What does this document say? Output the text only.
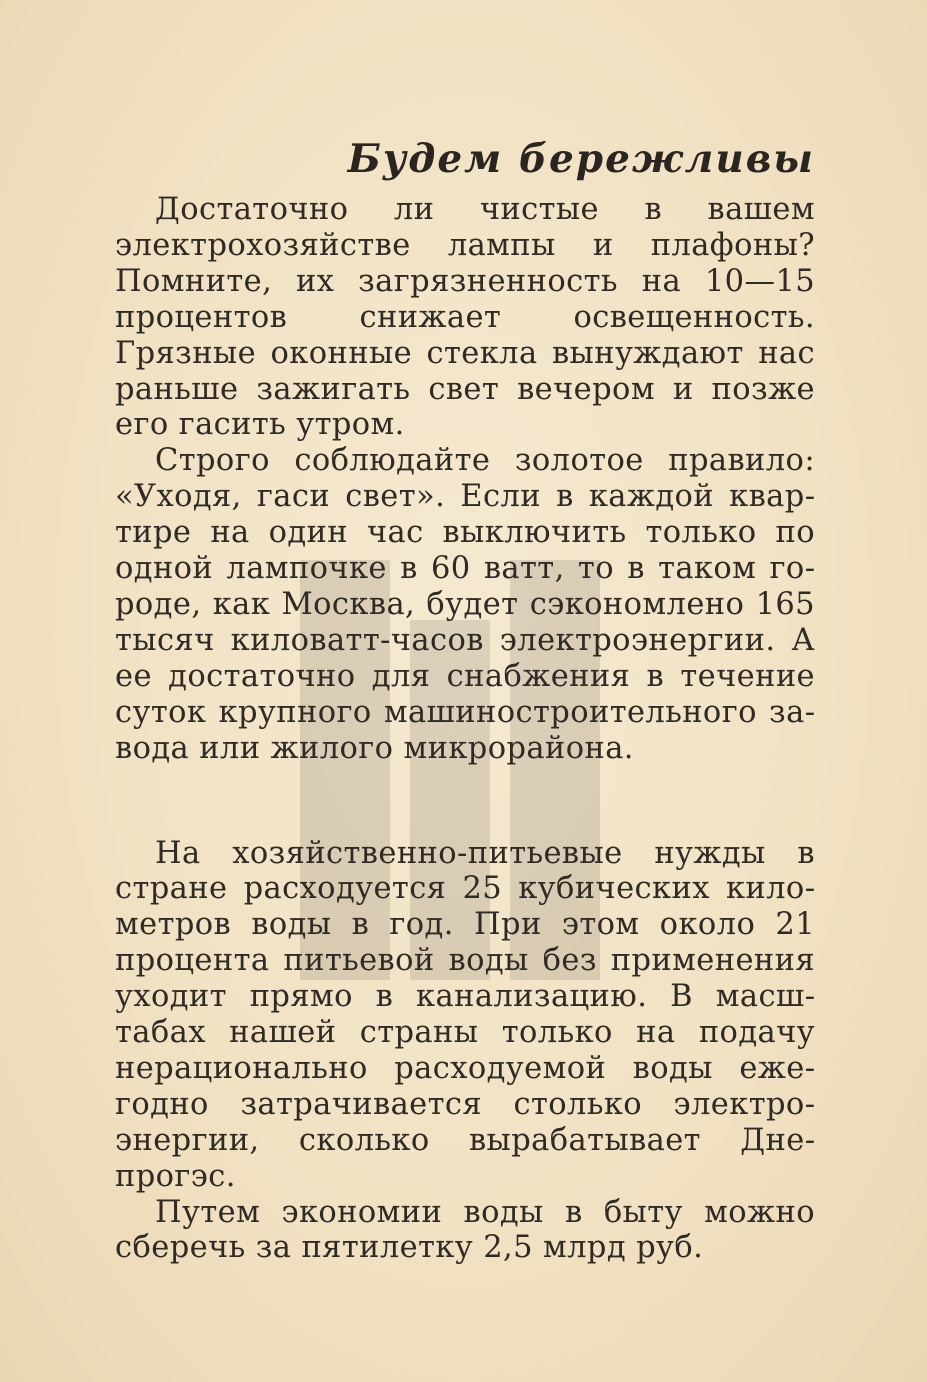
Будем бережливы

Достаточно ли чистые в вашем электрохозяйстве лампы и плафоны? Помните, их загрязненность на 10—15 процентов снижает освещенность. Грязные оконные стекла вынуждают нас раньше зажигать свет вечером и позже его гасить утром.

Строго соблюдайте золотое правило: «Уходя, гаси свет». Если в каждой квартире на один час выключить только по одной лампочке в 60 ватт, то в таком городе, как Москва, будет сэкономлено 165 тысяч киловатт-часов электроэнергии. А ее достаточно для снабжения в течение суток крупного машиностроительного завода или жилого микрорайона.

На хозяйственно-питьевые нужды в стране расходуется 25 кубических километров воды в год. При этом около 21 процента питьевой воды без применения уходит прямо в канализацию. В масштабах нашей страны только на подачу нерационально расходуемой воды ежегодно затрачивается столько электроэнергии, сколько вырабатывает Днепрогэс.

Путем экономии воды в быту можно сберечь за пятилетку 2,5 млрд руб.
